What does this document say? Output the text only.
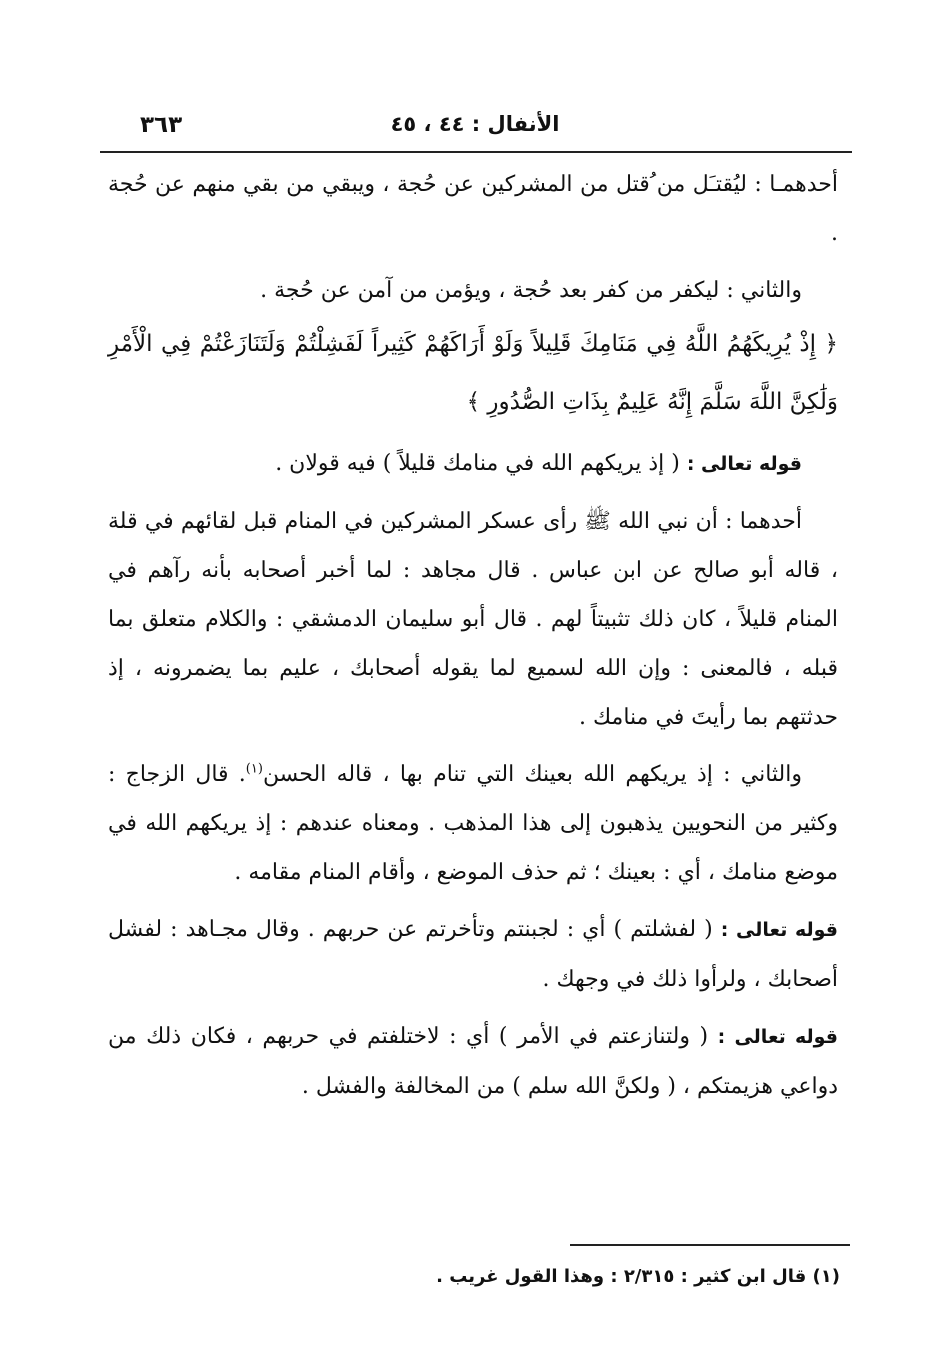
٣٦٣	الأنفال : ٤٤ ، ٤٥

أحدهمـا : ليُقتـَل من ُقتل من المشركين عن حُجة ، ويبقي من بقي منهم عن حُجة .

والثاني : ليكفر من كفر بعد حُجة ، ويؤمن من آمن عن حُجة .

﴿ إِذْ يُرِيكَهُمُ اللَّهُ فِي مَنَامِكَ قَلِيلاً وَلَوْ أَرَاكَهُمْ كَثِيراً لَفَشِلْتُمْ وَلَتَنَازَعْتُمْ فِي الْأَمْرِ وَلَٰكِنَّ اللَّهَ سَلَّمَ إِنَّهُ عَلِيمٌ بِذَاتِ الصُّدُورِ ﴾

قوله تعالى : ( إذ يريكهم الله في منامك قليلاً ) فيه قولان .

أحدهما : أن نبي الله ﷺ رأى عسكر المشركين في المنام قبل لقائهم في قلة ، قاله أبو صالح عن ابن عباس . قال مجاهد : لما أخبر أصحابه بأنه رآهم في المنام قليلاً ، كان ذلك تثبيتاً لهم . قال أبو سليمان الدمشقي : والكلام متعلق بما قبله ، فالمعنى : وإن الله لسميع لما يقوله أصحابك ، عليم بما يضمرونه ، إذ حدثتهم بما رأيتَ في منامك .

والثاني : إذ يريكهم الله بعينك التي تنام بها ، قاله الحسن$^{(١)}$. قال الزجاج : وكثير من النحويين يذهبون إلى هذا المذهب . ومعناه عندهم : إذ يريكهم الله في موضع منامك ، أي : بعينك ؛ ثم حذف الموضع ، وأقام المنام مقامه .

قوله تعالى : ( لفشلتم ) أي : لجبنتم وتأخرتم عن حربهم . وقال مجـاهد : لفشل أصحابك ، ولرأوا ذلك في وجهك .

قوله تعالى : ( ولتنازعتم في الأمر ) أي : لاختلفتم في حربهم ، فكان ذلك من دواعي هزيمتكم ، ( ولكنَّ الله سلم ) من المخالفة والفشل .

(١) قال ابن كثير : ٢/٣١٥ : وهذا القول غريب .
